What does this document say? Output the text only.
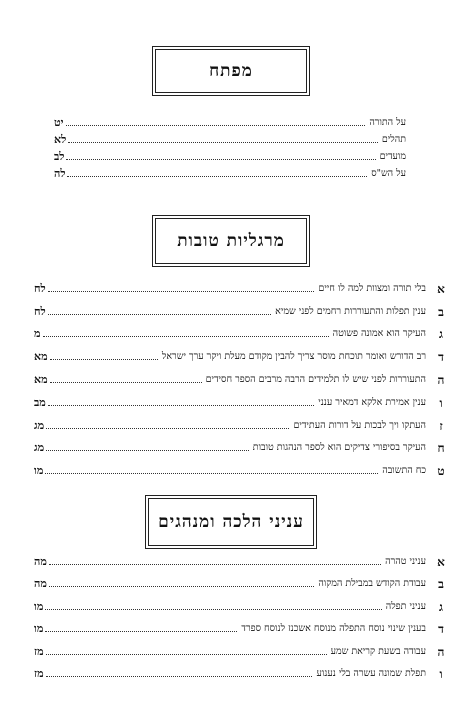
מפתח
על התורה
יט
תהלים
לא
מועדים
לב
על הש"ס
לה
מרגליות טובות
א
בלי תורה ומצוות למה לו חיים
לח
ב
ענין תפלות והתעוררות רחמים לפני שמיא
לח
ג
העיקר הוא אמונה פשוטה
מ
ד
רב הדורש ואומר תוכחת מוסר צריך להבין מקודם מעלת ויקר ערך ישראל
מא
ה
התעוררות לפני שיש לו תלמידים הרבה מרבים הספר חסידים
מא
ו
ענין אמירת אלקא דמאיר ענני
מב
ז
העתקו ויך לבכות על דורות העתידים
מג
ח
העיקר בסיפורי צדיקים הוא לספר הנהגות טובות
מג
ט
כח התשובה
מו
עניני הלכה ומנהגים
א
עניני טהרה
מה
ב
עבודת הקודש במבילת המקוה
מה
ג
עניני תפלה
מו
ד
בענין שינוי נוסח התפלה מנוסח אשכנז לנוסח ספרד
מו
ה
עבודה בשעת קריאת שמע
מז
ו
תפלת שמונה עשרה בלי נענוע
מז
